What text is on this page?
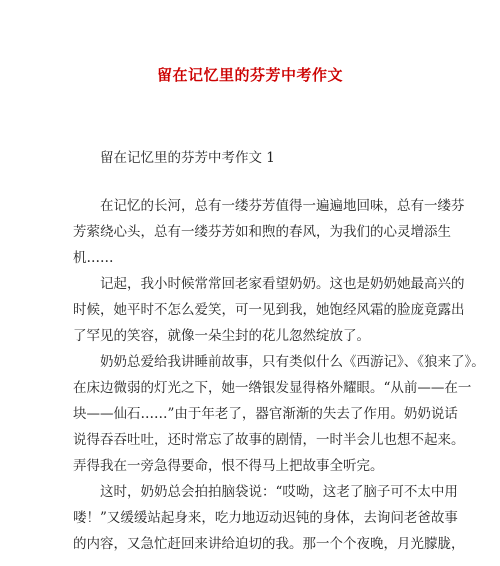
留在记忆里的芬芳中考作文
留在记忆里的芬芳中考作文 1
在记忆的长河，总有一缕芬芳值得一遍遍地回味，总有一缕芬
芳萦绕心头，总有一缕芬芳如和煦的春风，为我们的心灵增添生
机……
记起，我小时候常常回老家看望奶奶。这也是奶奶她最高兴的
时候，她平时不怎么爱笑，可一见到我，她饱经风霜的脸庞竟露出
了罕见的笑容，就像一朵尘封的花儿忽然绽放了。
奶奶总爱给我讲睡前故事，只有类似什么《西游记》、《狼来了》。
在床边微弱的灯光之下，她一绺银发显得格外耀眼。“从前——在一
块——仙石……”由于年老了，器官渐渐的失去了作用。奶奶说话
说得吞吞吐吐，还时常忘了故事的剧情，一时半会儿也想不起来。
弄得我在一旁急得要命，恨不得马上把故事全听完。
这时，奶奶总会拍拍脑袋说：“哎呦，这老了脑子可不太中用
喽！”又缓缓站起身来，吃力地迈动迟钝的身体，去询问老爸故事
的内容，又急忙赶回来讲给迫切的我。那一个个夜晚，月光朦胧，
